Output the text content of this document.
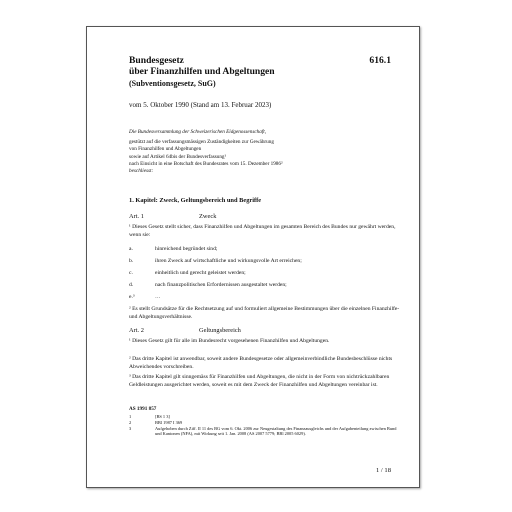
Bundesgesetz
über Finanzhilfen und Abgeltungen
616.1
(Subventionsgesetz, SuG)
vom 5. Oktober 1990 (Stand am 13. Februar 2023)
Die Bundesversammlung der Schweizerischen Eidgenossenschaft,
gestützt auf die verfassungsmässigen Zuständigkeiten zur Gewährung
von Finanzhilfen und Abgeltungen
sowie auf Artikel 64bis der Bundesverfassung¹
nach Einsicht in eine Botschaft des Bundesrates vom 15. Dezember 1986²
beschliesst:
1. Kapitel: Zweck, Geltungsbereich und Begriffe
Art. 1	Zweck
¹ Dieses Gesetz stellt sicher, dass Finanzhilfen und Abgeltungen im gesamten Bereich des Bundes nur gewährt werden, wenn sie:
a.	hinreichend begründet sind;
b.	ihren Zweck auf wirtschaftliche und wirkungsvolle Art erreichen;
c.	einheitlich und gerecht geleistet werden;
d.	nach finanzpolitischen Erfordernissen ausgestaltet werden;
e.³	…
² Es stellt Grundsätze für die Rechtsetzung auf und formuliert allgemeine Bestimmungen über die einzelnen Finanzhilfe- und Abgeltungsverhältnisse.
Art. 2	Geltungsbereich
¹ Dieses Gesetz gilt für alle im Bundesrecht vorgesehenen Finanzhilfen und Abgeltungen.
² Das dritte Kapitel ist anwendbar, soweit andere Bundesgesetze oder allgemeinverbindliche Bundesbeschlüsse nichts Abweichendes vorschreiben.
³ Das dritte Kapitel gilt sinngemäss für Finanzhilfen und Abgeltungen, die nicht in der Form von nichtrückzahlbaren Geldleistungen ausgerichtet werden, soweit es mit dem Zweck der Finanzhilfen und Abgeltungen vereinbar ist.
AS 1991 857
1	[BS 1 3]
2	BBl 1987 I 369
3	Aufgehoben durch Ziff. II 11 des BG vom 6. Okt. 2006 zur Neugestaltung des Finanzausgleichs und der Aufgabenteilung zwischen Bund und Kantonen (NFA), mit Wirkung seit 1. Jan. 2008 (AS 2007 5779; BBl 2005 6029).
1 / 18
